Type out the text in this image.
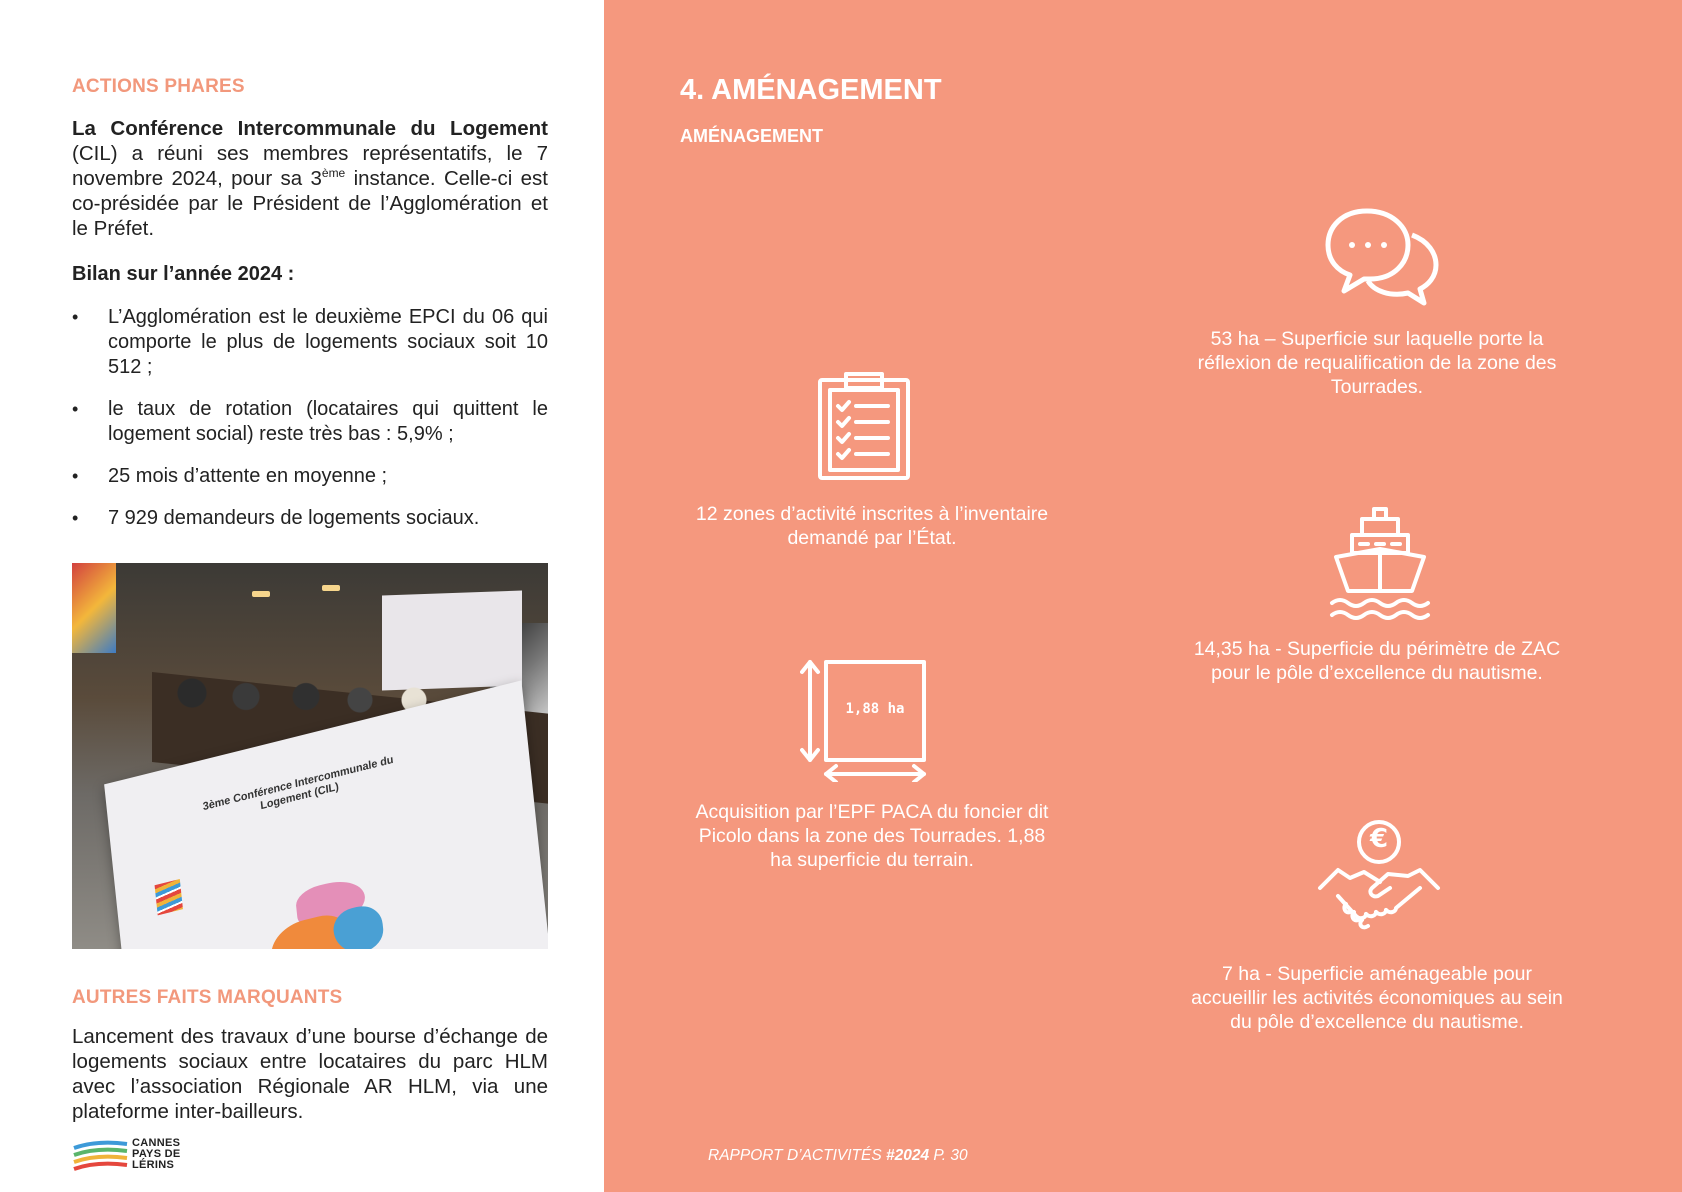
ACTIONS PHARES
La Conférence Intercommunale du Logement (CIL) a réuni ses membres représentatifs, le 7 novembre 2024, pour sa 3ème instance. Celle-ci est co-présidée par le Président de l’Agglomération et le Préfet.
Bilan sur l’année 2024 :
• L’Agglomération est le deuxième EPCI du 06 qui comporte le plus de logements sociaux soit 10 512 ;
• le taux de rotation (locataires qui quittent le logement social) reste très bas : 5,9% ;
• 25 mois d’attente en moyenne ;
• 7 929 demandeurs de logements sociaux.
3ème Conférence Intercommunale du Logement (CIL)
AUTRES FAITS MARQUANTS
Lancement des travaux d’une bourse d’échange de logements sociaux entre locataires du parc HLM avec l’association Régionale AR HLM, via une plateforme inter-bailleurs.
CANNES
PAYS DE
LÉRINS
4. AMÉNAGEMENT
AMÉNAGEMENT
53 ha – Superficie sur laquelle porte la réflexion de requalification de la zone des Tourrades.
12 zones d’activité inscrites à l’inventaire demandé par l’État.
14,35 ha - Superficie du périmètre de ZAC pour le pôle d’excellence du nautisme.
1,88 ha
Acquisition par l’EPF PACA du foncier dit Picolo dans la zone des Tourrades. 1,88 ha superficie du terrain.
€
7 ha - Superficie aménageable pour accueillir les activités économiques au sein du pôle d’excellence du nautisme.
RAPPORT D’ACTIVITÉS #2024 P. 30
